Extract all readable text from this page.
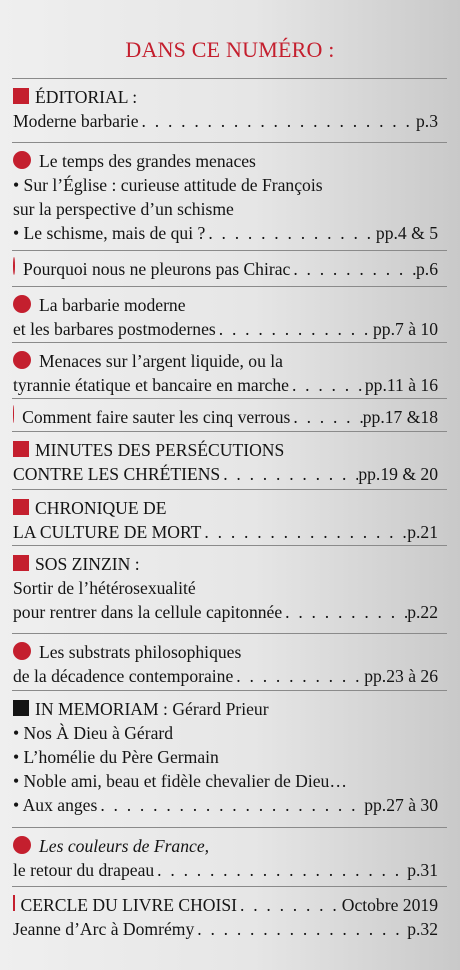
DANS CE NUMÉRO :
ÉDITORIAL :
Moderne barbarie . . .	p.3
Le temps des grandes menaces
• Sur l’Église : curieuse attitude de François
sur la perspective d’un schisme
• Le schisme, mais de qui ? . . .	pp.4 & 5
Pourquoi nous ne pleurons pas Chirac . . .	p.6
La barbarie moderne
et les barbares postmodernes . . .	pp.7 à 10
Menaces sur l’argent liquide, ou la
tyrannie étatique et bancaire en marche . . .	pp.11 à 16
Comment faire sauter les cinq verrous . . .	pp.17 &18
MINUTES DES PERSÉCUTIONS
CONTRE LES CHRÉTIENS . . .	pp.19 & 20
CHRONIQUE DE
LA CULTURE DE MORT . . .	p.21
SOS ZINZIN :
Sortir de l’hétérosexualité
pour rentrer dans la cellule capitonnée . . .	p.22
Les substrats philosophiques
de la décadence contemporaine . . .	pp.23 à 26
IN MEMORIAM : Gérard Prieur
• Nos À Dieu à Gérard
• L’homélie du Père Germain
• Noble ami, beau et fidèle chevalier de Dieu…
• Aux anges . . .	pp.27 à 30
Les couleurs de France,
le retour du drapeau . . .	p.31
CERCLE DU LIVRE CHOISI . . .	Octobre 2019
Jeanne d’Arc à Domrémy . . .	p.32
